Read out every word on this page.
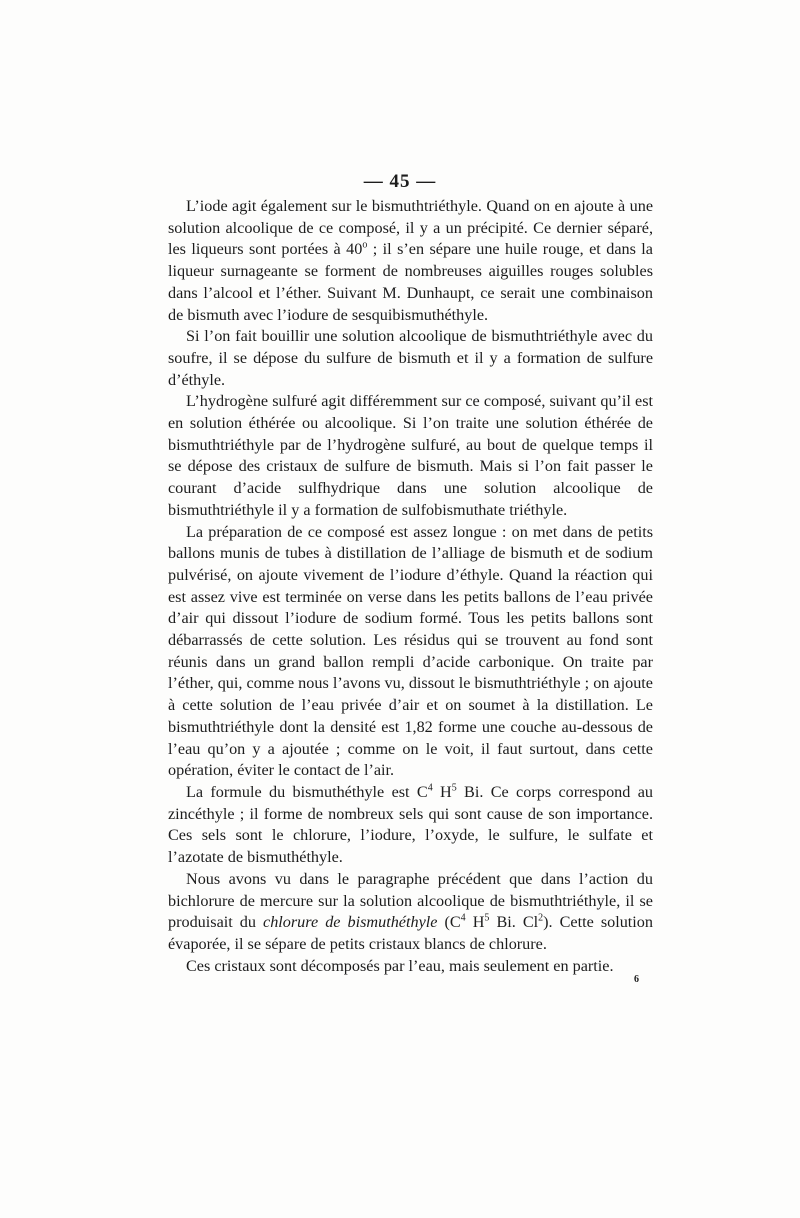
— 45 —

L’iode agit également sur le bismuthtriéthyle. Quand on en ajoute à une solution alcoolique de ce composé, il y a un précipité. Ce dernier séparé, les liqueurs sont portées à 40$^o$ ; il s’en sépare une huile rouge, et dans la liqueur surnageante se forment de nombreuses aiguilles rouges solubles dans l’alcool et l’éther. Suivant M. Dunhaupt, ce serait une combinaison de bismuth avec l’iodure de sesquibismuthéthyle.

Si l’on fait bouillir une solution alcoolique de bismuthtriéthyle avec du soufre, il se dépose du sulfure de bismuth et il y a formation de sulfure d’éthyle.

L’hydrogène sulfuré agit différemment sur ce composé, suivant qu’il est en solution éthérée ou alcoolique. Si l’on traite une solution éthérée de bismuthtriéthyle par de l’hydrogène sulfuré, au bout de quelque temps il se dépose des cristaux de sulfure de bismuth. Mais si l’on fait passer le courant d’acide sulfhydrique dans une solution alcoolique de bismuthtriéthyle il y a formation de sulfobismuthate triéthyle.

La préparation de ce composé est assez longue : on met dans de petits ballons munis de tubes à distillation de l’alliage de bismuth et de sodium pulvérisé, on ajoute vivement de l’iodure d’éthyle. Quand la réaction qui est assez vive est terminée on verse dans les petits ballons de l’eau privée d’air qui dissout l’iodure de sodium formé. Tous les petits ballons sont débarrassés de cette solution. Les résidus qui se trouvent au fond sont réunis dans un grand ballon rempli d’acide carbonique. On traite par l’éther, qui, comme nous l’avons vu, dissout le bismuthtriéthyle ; on ajoute à cette solution de l’eau privée d’air et on soumet à la distillation. Le bismuthtriéthyle dont la densité est 1,82 forme une couche au-dessous de l’eau qu’on y a ajoutée ; comme on le voit, il faut surtout, dans cette opération, éviter le contact de l’air.

La formule du bismuthéthyle est $C^4$ $H^5$ Bi. Ce corps correspond au zincéthyle ; il forme de nombreux sels qui sont cause de son importance. Ces sels sont le chlorure, l’iodure, l’oxyde, le sulfure, le sulfate et l’azotate de bismuthéthyle.

Nous avons vu dans le paragraphe précédent que dans l’action du bichlorure de mercure sur la solution alcoolique de bismuthtriéthyle, il se produisait du chlorure de bismuthéthyle ($C^4$ $H^5$ Bi. Cl$^2$). Cette solution évaporée, il se sépare de petits cristaux blancs de chlorure.

Ces cristaux sont décomposés par l’eau, mais seulement en partie.

6
